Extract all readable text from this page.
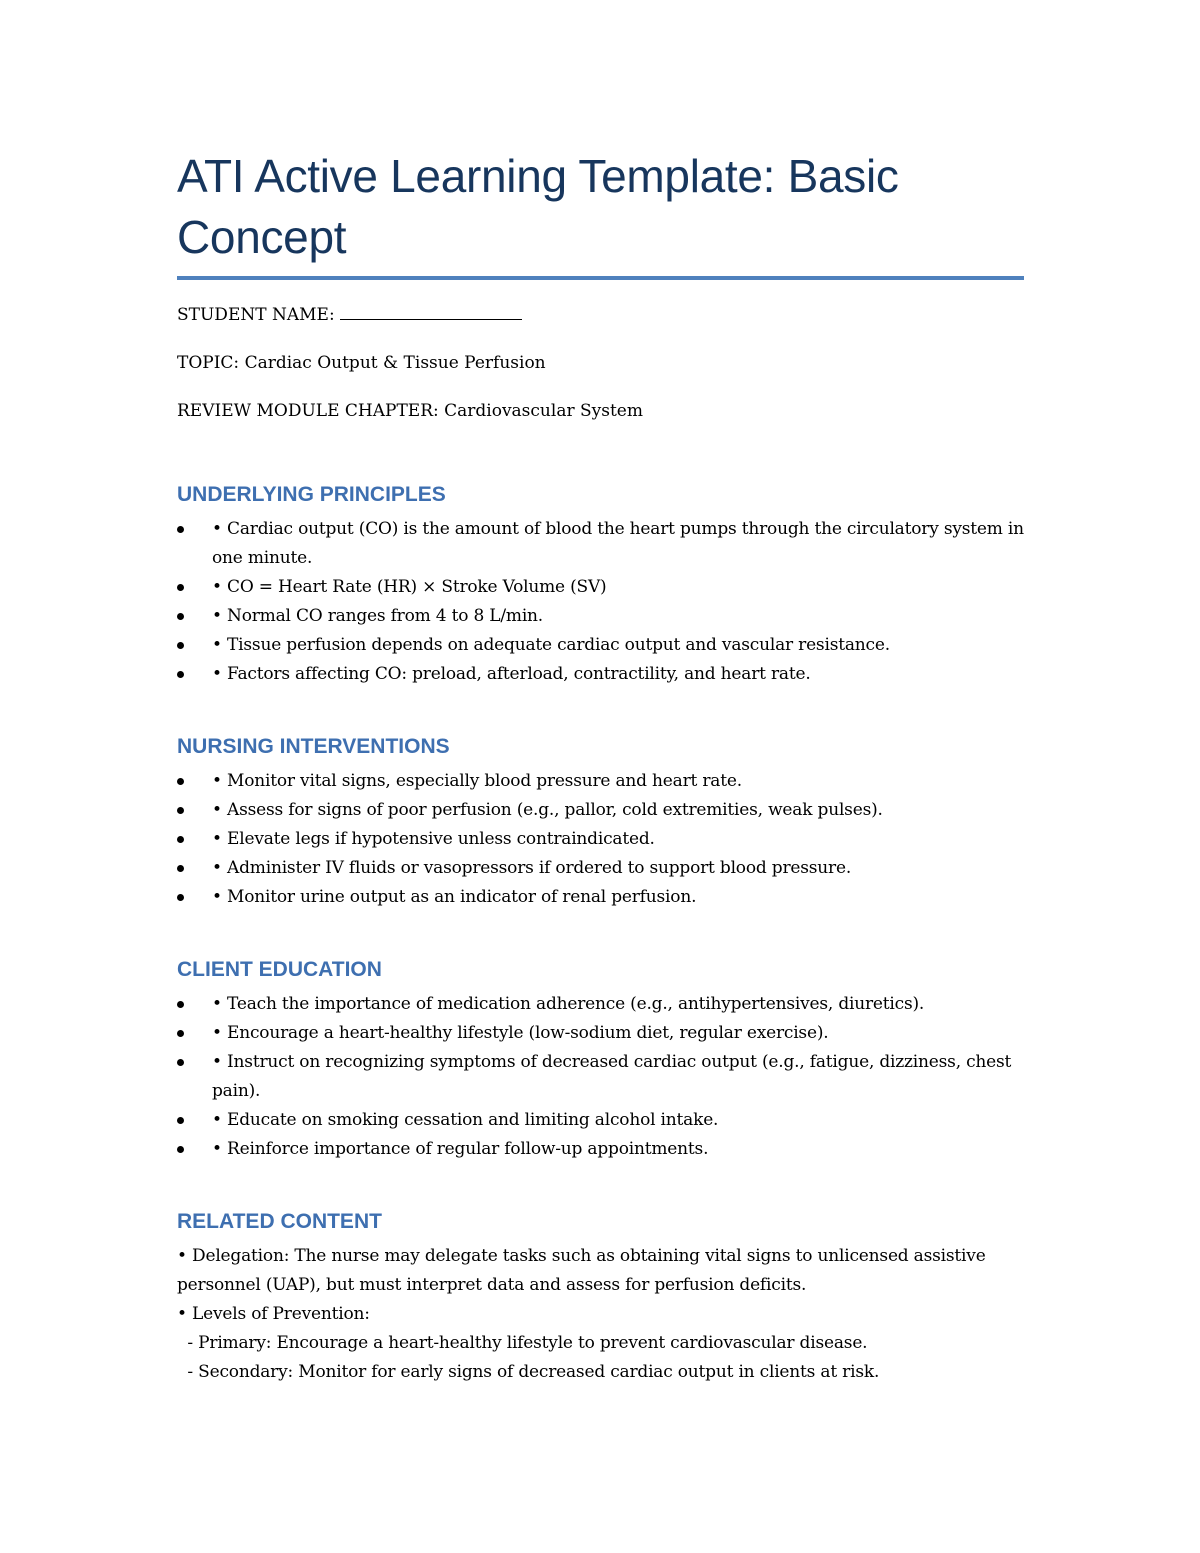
ATI Active Learning Template: Basic Concept

STUDENT NAME:

TOPIC: Cardiac Output & Tissue Perfusion

REVIEW MODULE CHAPTER: Cardiovascular System

UNDERLYING PRINCIPLES
• Cardiac output (CO) is the amount of blood the heart pumps through the circulatory system in one minute.
• CO = Heart Rate (HR) × Stroke Volume (SV)
• Normal CO ranges from 4 to 8 L/min.
• Tissue perfusion depends on adequate cardiac output and vascular resistance.
• Factors affecting CO: preload, afterload, contractility, and heart rate.
NURSING INTERVENTIONS
• Monitor vital signs, especially blood pressure and heart rate.
• Assess for signs of poor perfusion (e.g., pallor, cold extremities, weak pulses).
• Elevate legs if hypotensive unless contraindicated.
• Administer IV fluids or vasopressors if ordered to support blood pressure.
• Monitor urine output as an indicator of renal perfusion.
CLIENT EDUCATION
• Teach the importance of medication adherence (e.g., antihypertensives, diuretics).
• Encourage a heart-healthy lifestyle (low-sodium diet, regular exercise).
• Instruct on recognizing symptoms of decreased cardiac output (e.g., fatigue, dizziness, chest pain).
• Educate on smoking cessation and limiting alcohol intake.
• Reinforce importance of regular follow-up appointments.
RELATED CONTENT

• Delegation: The nurse may delegate tasks such as obtaining vital signs to unlicensed assistive personnel (UAP), but must interpret data and assess for perfusion deficits.

• Levels of Prevention:

- Primary: Encourage a heart-healthy lifestyle to prevent cardiovascular disease.

- Secondary: Monitor for early signs of decreased cardiac output in clients at risk.
